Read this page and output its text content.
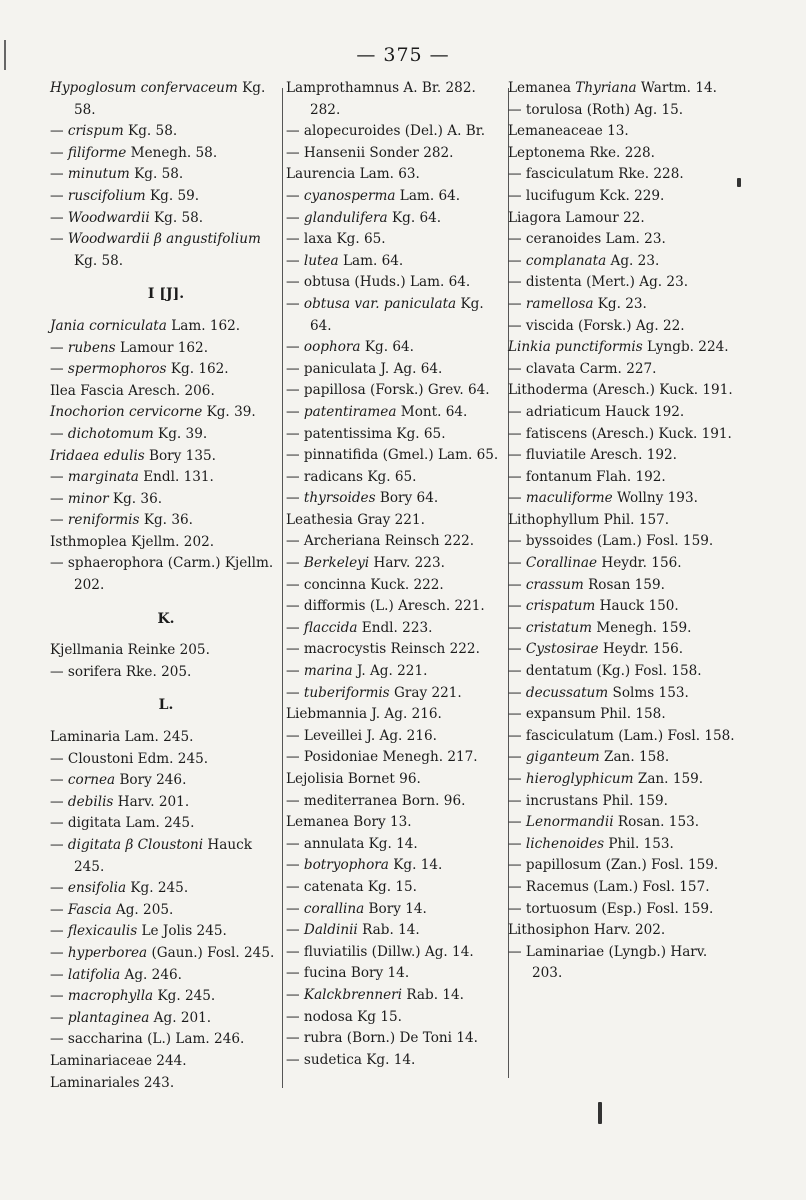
— 375 —

Hypoglosum confervaceum Kg. 58.

— crispum Kg. 58.

— filiforme Menegh. 58.

— minutum Kg. 58.

— ruscifolium Kg. 59.

— Woodwardii Kg. 58.

— Woodwardii β angustifolium Kg. 58.

I [J].

Jania corniculata Lam. 162.

— rubens Lamour 162.

— spermophoros Kg. 162.

Ilea Fascia Aresch. 206.

Inochorion cervicorne Kg. 39.

— dichotomum Kg. 39.

Iridaea edulis Bory 135.

— marginata Endl. 131.

— minor Kg. 36.

— reniformis Kg. 36.

Isthmoplea Kjellm. 202.

— sphaerophora (Carm.) Kjellm. 202.

K.

Kjellmania Reinke 205.

— sorifera Rke. 205.

L.

Laminaria Lam. 245.

— Cloustoni Edm. 245.

— cornea Bory 246.

— debilis Harv. 201.

— digitata Lam. 245.

— digitata β Cloustoni Hauck 245.

— ensifolia Kg. 245.

— Fascia Ag. 205.

— flexicaulis Le Jolis 245.

— hyperborea (Gaun.) Fosl. 245.

— latifolia Ag. 246.

— macrophylla Kg. 245.

— plantaginea Ag. 201.

— saccharina (L.) Lam. 246.

Laminariaceae 244.

Laminariales 243.

Lamprothamnus A. Br. 282. 282.

— alopecuroides (Del.) A. Br.

— Hansenii Sonder 282.

Laurencia Lam. 63.

— cyanosperma Lam. 64.

— glandulifera Kg. 64.

— laxa Kg. 65.

— lutea Lam. 64.

— obtusa (Huds.) Lam. 64.

— obtusa var. paniculata Kg. 64.

— oophora Kg. 64.

— paniculata J. Ag. 64.

— papillosa (Forsk.) Grev. 64.

— patentiramea Mont. 64.

— patentissima Kg. 65.

— pinnatifida (Gmel.) Lam. 65.

— radicans Kg. 65.

— thyrsoides Bory 64.

Leathesia Gray 221.

— Archeriana Reinsch 222.

— Berkeleyi Harv. 223.

— concinna Kuck. 222.

— difformis (L.) Aresch. 221.

— flaccida Endl. 223.

— macrocystis Reinsch 222.

— marina J. Ag. 221.

— tuberiformis Gray 221.

Liebmannia J. Ag. 216.

— Leveillei J. Ag. 216.

— Posidoniae Menegh. 217.

Lejolisia Bornet 96.

— mediterranea Born. 96.

Lemanea Bory 13.

— annulata Kg. 14.

— botryophora Kg. 14.

— catenata Kg. 15.

— corallina Bory 14.

— Daldinii Rab. 14.

— fluviatilis (Dillw.) Ag. 14.

— fucina Bory 14.

— Kalckbrenneri Rab. 14.

— nodosa Kg 15.

— rubra (Born.) De Toni 14.

— sudetica Kg. 14.

Lemanea Thyriana Wartm. 14.

— torulosa (Roth) Ag. 15.

Lemaneaceae 13.

Leptonema Rke. 228.

— fasciculatum Rke. 228.

— lucifugum Kck. 229.

Liagora Lamour 22.

— ceranoides Lam. 23.

— complanata Ag. 23.

— distenta (Mert.) Ag. 23.

— ramellosa Kg. 23.

— viscida (Forsk.) Ag. 22.

Linkia punctiformis Lyngb. 224.

— clavata Carm. 227.

Lithoderma (Aresch.) Kuck. 191.

— adriaticum Hauck 192.

— fatiscens (Aresch.) Kuck. 191.

— fluviatile Aresch. 192.

— fontanum Flah. 192.

— maculiforme Wollny 193.

Lithophyllum Phil. 157.

— byssoides (Lam.) Fosl. 159.

— Corallinae Heydr. 156.

— crassum Rosan 159.

— crispatum Hauck 150.

— cristatum Menegh. 159.

— Cystosirae Heydr. 156.

— dentatum (Kg.) Fosl. 158.

— decussatum Solms 153.

— expansum Phil. 158.

— fasciculatum (Lam.) Fosl. 158.

— giganteum Zan. 158.

— hieroglyphicum Zan. 159.

— incrustans Phil. 159.

— Lenormandii Rosan. 153.

— lichenoides Phil. 153.

— papillosum (Zan.) Fosl. 159.

— Racemus (Lam.) Fosl. 157.

— tortuosum (Esp.) Fosl. 159.

Lithosiphon Harv. 202.

— Laminariae (Lyngb.) Harv. 203.
